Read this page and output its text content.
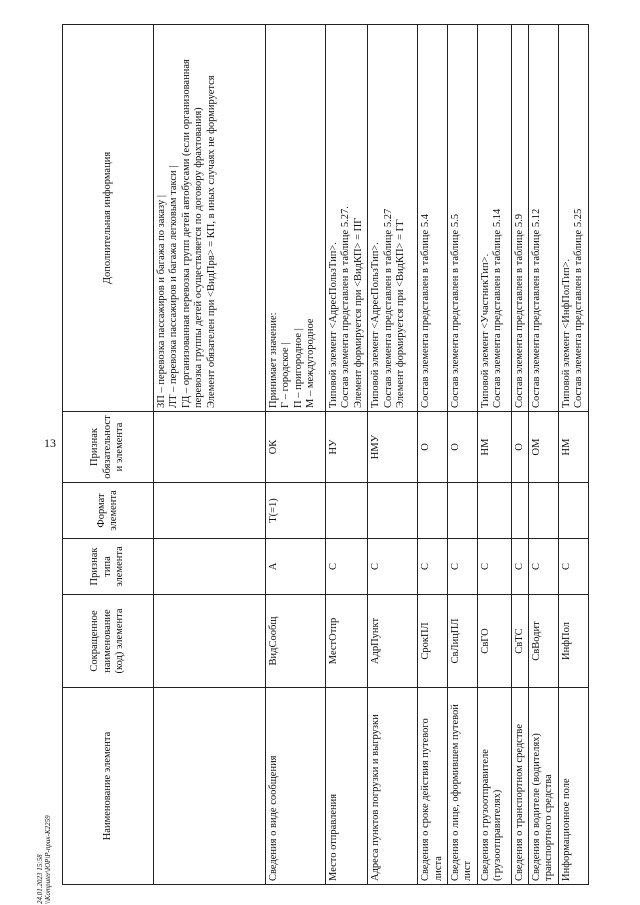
13
Наименование элемента	Сокращенное наименование (код) элемента	Признак типа элемента	Формат элемента	Признак обязательности элемента	Дополнительная информация

					ЗП – перевозка пассажиров и багажа по заказу | ЛТ – перевозка пассажиров и багажа легковым такси | ГД – организованная перевозка групп детей автобусами (если организованная перевозка группы детей осуществляется по договору фрахтования) Элемент обязателен при <ВидПрв> = КП, в иных случаях не формируется

Сведения о виде сообщения	ВидСообщ	А	T(=1)	ОК	Принимает значение: Г – городское | П – пригородное | М – междугородное

Место отправления	МестОтпр	С		НУ	Типовой элемент <АдресПользТип>. Состав элемента представлен в таблице 5.27. Элемент формируется при <ВидКП> = ПГ

Адреса пунктов погрузки и выгрузки	АдрПункт	С		НМУ	Типовой элемент <АдресПользТип>. Состав элемента представлен в таблице 5.27 Элемент формируется при <ВидКП> = ГГ

Сведения о сроке действия путевого листа	СрокПЛ	С		О	Состав элемента представлен в таблице 5.4

Сведения о лице, оформившем путевой лист	СвЛицПЛ	С		О	Состав элемента представлен в таблице 5.5

Сведения о грузоотправителе (грузоотправителях)	СвГО	С		НМ	Типовой элемент <УчастникТип>. Состав элемента представлен в таблице 5.14

Сведения о транспортном средстве	СвТС	С		О	Состав элемента представлен в таблице 5.9

Сведения о водителе (водителях) транспортного средства	СвВодит	С		ОМ	Состав элемента представлен в таблице 5.12

Информационное поле	ИнфПол	С		НМ	Типовой элемент <ИнфПолТип>. Состав элемента представлен в таблице 5.25
24.01.2023 15:58
\\Komputer\ЮР\Р-прик-К2259
